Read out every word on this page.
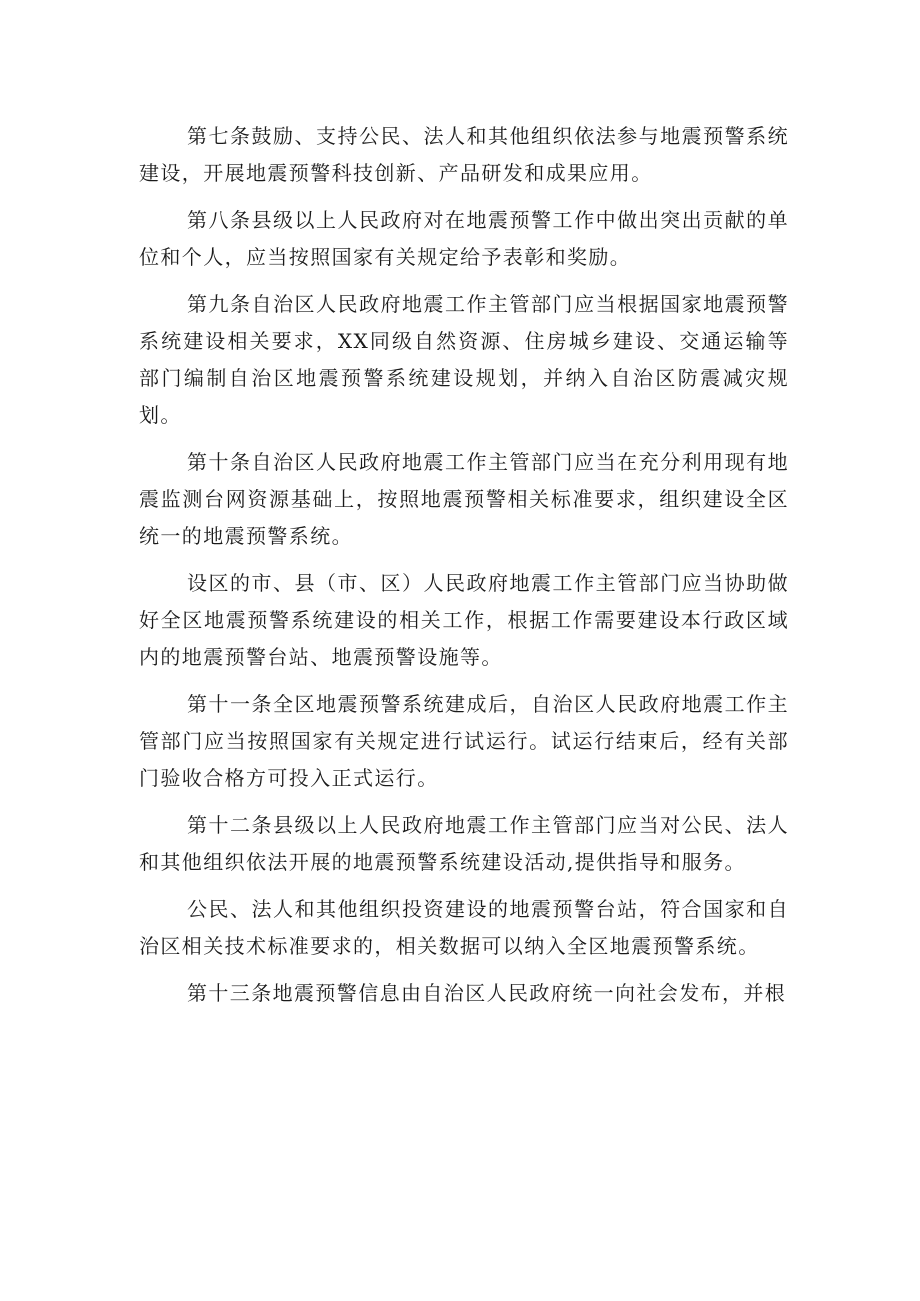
第七条鼓励、支持公民、法人和其他组织依法参与地震预警系统建设，开展地震预警科技创新、产品研发和成果应用。

第八条县级以上人民政府对在地震预警工作中做出突出贡献的单位和个人，应当按照国家有关规定给予表彰和奖励。

第九条自治区人民政府地震工作主管部门应当根据国家地震预警系统建设相关要求，XX同级自然资源、住房城乡建设、交通运输等部门编制自治区地震预警系统建设规划，并纳入自治区防震减灾规划。

第十条自治区人民政府地震工作主管部门应当在充分利用现有地震监测台网资源基础上，按照地震预警相关标准要求，组织建设全区统一的地震预警系统。

设区的市、县（市、区）人民政府地震工作主管部门应当协助做好全区地震预警系统建设的相关工作，根据工作需要建设本行政区域内的地震预警台站、地震预警设施等。

第十一条全区地震预警系统建成后，自治区人民政府地震工作主管部门应当按照国家有关规定进行试运行。试运行结束后，经有关部门验收合格方可投入正式运行。

第十二条县级以上人民政府地震工作主管部门应当对公民、法人和其他组织依法开展的地震预警系统建设活动,提供指导和服务。

公民、法人和其他组织投资建设的地震预警台站，符合国家和自治区相关技术标准要求的，相关数据可以纳入全区地震预警系统。

第十三条地震预警信息由自治区人民政府统一向社会发布，并根
